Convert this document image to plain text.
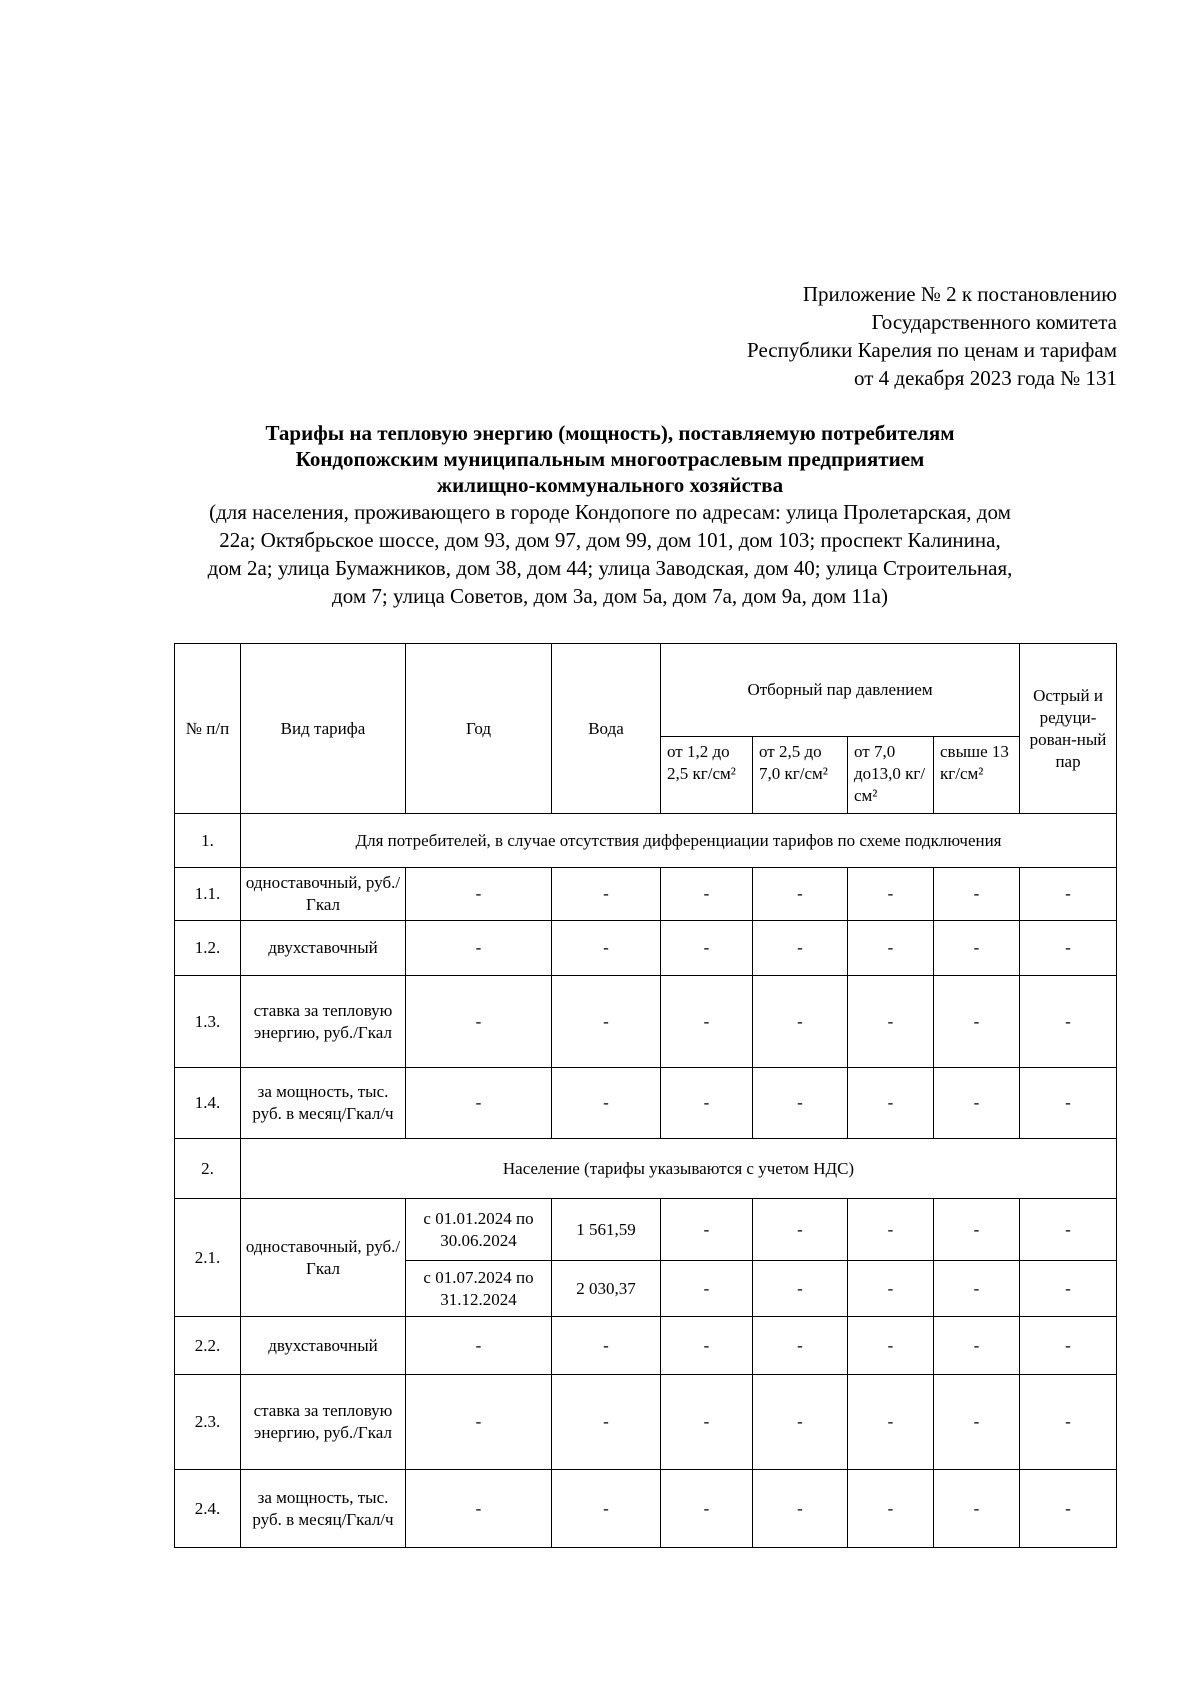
Приложение № 2 к постановлению
Государственного комитета
Республики Карелия по ценам и тарифам
от 4 декабря 2023 года № 131
Тарифы на тепловую энергию (мощность), поставляемую потребителям
Кондопожским муниципальным многоотраслевым предприятием
жилищно-коммунального хозяйства
(для населения, проживающего в городе Кондопоге по адресам: улица Пролетарская, дом
22а; Октябрьское шоссе, дом 93, дом 97, дом 99, дом 101, дом 103; проспект Калинина,
дом 2а; улица Бумажников, дом 38, дом 44; улица Заводская, дом 40; улица Строительная,
дом 7; улица Советов, дом 3а, дом 5а, дом 7а, дом 9а, дом 11а)
№ п/п	Вид тарифа	Год	Вода	Отборный пар давлением				Острый и редуци-рован-ный пар
				от 1,2 до 2,5 кг/см²	от 2,5 до 7,0 кг/см²	от 7,0 до13,0 кг/см²	свыше 13 кг/см²	
1.	Для потребителей, в случае отсутствия дифференциации тарифов по схеме подключения							
1.1.	одноставочный, руб./Гкал	-	-	-	-	-	-	-
1.2.	двухставочный	-	-	-	-	-	-	-
1.3.	ставка за тепловую энергию, руб./Гкал	-	-	-	-	-	-	-
1.4.	за мощность, тыс. руб. в месяц/Гкал/ч	-	-	-	-	-	-	-
2.	Население (тарифы указываются с учетом НДС)							
2.1.	одноставочный, руб./Гкал	с 01.01.2024 по 30.06.2024	1 561,59	-	-	-	-	-
		с 01.07.2024 по 31.12.2024	2 030,37	-	-	-	-	-
2.2.	двухставочный	-	-	-	-	-	-	-
2.3.	ставка за тепловую энергию, руб./Гкал	-	-	-	-	-	-	-
2.4.	за мощность, тыс. руб. в месяц/Гкал/ч	-	-	-	-	-	-	-
